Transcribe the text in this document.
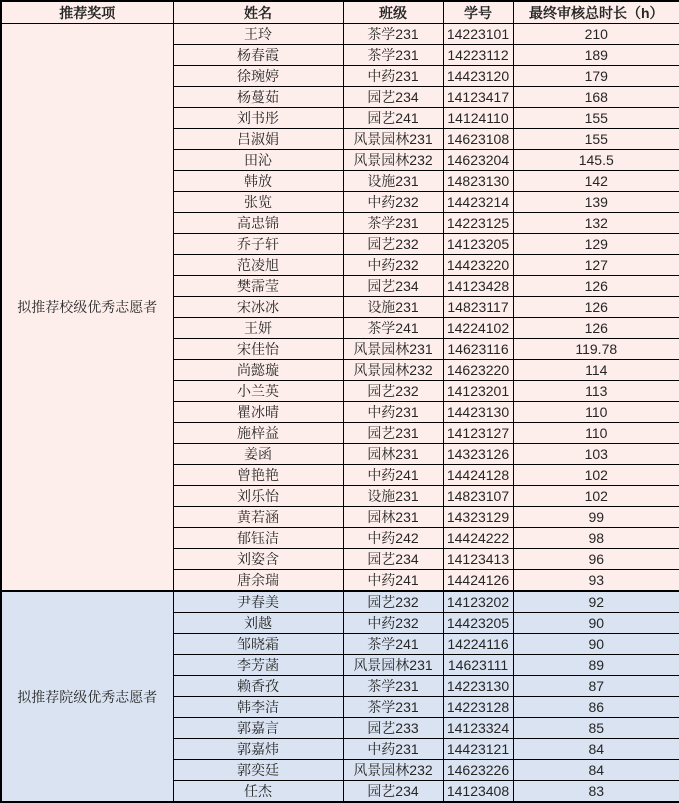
推荐奖项	姓名	班级	学号	最终审核总时长（h）
拟推荐校级优秀志愿者	王玲	茶学231	14223101	210
	杨春霞	茶学231	14223112	189
	徐琬婷	中药231	14423120	179
	杨蔓茹	园艺234	14123417	168
	刘书彤	园艺241	14124110	155
	吕淑娟	风景园林231	14623108	155
	田沁	风景园林232	14623204	145.5
	韩放	设施231	14823130	142
	张览	中药232	14423214	139
	高忠锦	茶学231	14223125	132
	乔子轩	园艺232	14123205	129
	范凌旭	中药232	14423220	127
	樊霈莹	园艺234	14123428	126
	宋冰冰	设施231	14823117	126
	王妍	茶学241	14224102	126
	宋佳怡	风景园林231	14623116	119.78
	尚懿璇	风景园林232	14623220	114
	小兰英	园艺232	14123201	113
	瞿冰晴	中药231	14423130	110
	施梓益	园艺231	14123127	110
	姜函	园林231	14323126	103
	曾艳艳	中药241	14424128	102
	刘乐怡	设施231	14823107	102
	黄若涵	园林231	14323129	99
	郁钰洁	中药242	14424222	98
	刘姿含	园艺234	14123413	96
	唐余瑞	中药241	14424126	93
拟推荐院级优秀志愿者	尹春美	园艺232	14123202	92
	刘越	中药232	14423205	90
	邹晓霜	茶学241	14224116	90
	李芳菡	风景园林231	14623111	89
	赖香孜	茶学231	14223130	87
	韩李洁	茶学231	14223128	86
	郭嘉言	园艺233	14123324	85
	郭嘉炜	中药231	14423121	84
	郭奕廷	风景园林232	14623226	84
	任杰	园艺234	14123408	83
